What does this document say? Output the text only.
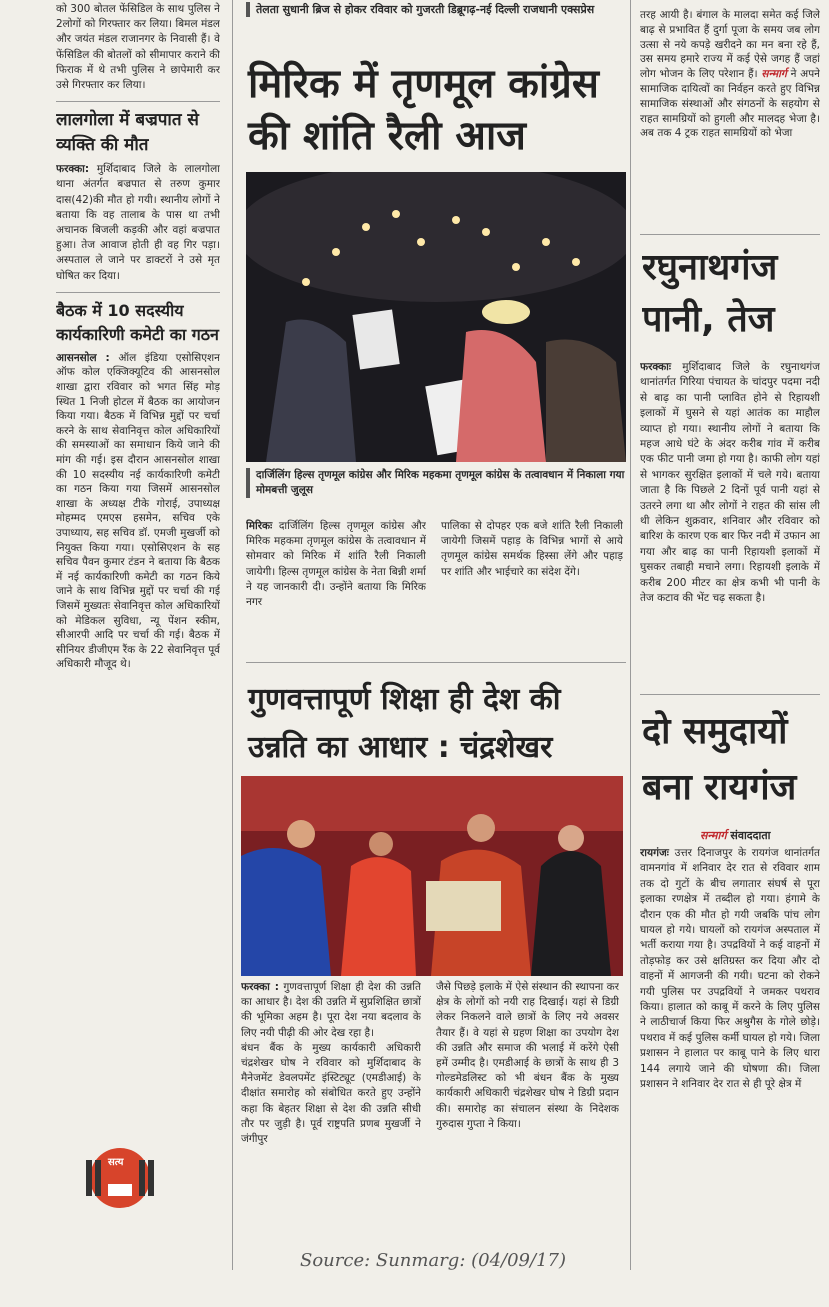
को 300 बोतल फेंसिडिल के साथ पुलिस ने 2लोगों को गिरफ्तार कर लिया। बिमल मंडल और जयंत मंडल राजानगर के निवासी हैं। वे फेंसिडिल की बोतलों को सीमापार कराने की फिराक में थे तभी पुलिस ने छापेमारी कर उसे गिरफ्तार कर लिया।

लालगोला में बज्रपात से व्यक्ति की मौत

फरक्का: मुर्शिदाबाद जिले के लालगोला थाना अंतर्गत बज्रपात से तरुण कुमार दास(42)की मौत हो गयी। स्थानीय लोगों ने बताया कि वह तालाब के पास था तभी अचानक बिजली कड़की और वहां बज्रपात हुआ। तेज आवाज होती ही वह गिर पड़ा। अस्पताल ले जाने पर डाक्टरों ने उसे मृत घोषित कर दिया।

बैठक में 10 सदस्यीय कार्यकारिणी कमेटी का गठन

आसनसोल : ऑल इंडिया एसोसिएशन ऑफ कोल एक्जिक्यूटिव की आसनसोल शाखा द्वारा रविवार को भगत सिंह मोड़ स्थित 1 निजी होटल में बैठक का आयोजन किया गया। बैठक में विभिन्न मुद्दों पर चर्चा करने के साथ सेवानिवृत्त कोल अधिकारियों की समस्याओं का समाधान किये जाने की मांग की गई। इस दौरान आसनसोल शाखा की 10 सदस्यीय नई कार्यकारिणी कमेटी का गठन किया गया जिसमें आसनसोल शाखा के अध्यक्ष टीके गोराई, उपाध्यक्ष मोहम्मद एमएस हसमेन, सचिव एके उपाध्याय, सह सचिव डॉ. एमजी मुखर्जी को नियुक्त किया गया। एसोसिएशन के सह सचिव पैवन कुमार टंडन ने बताया कि बैठक में नई कार्यकारिणी कमेटी का गठन किये जाने के साथ विभिन्न मुद्दों पर चर्चा की गई जिसमें मुख्यतः सेवानिवृत्त कोल अधिकारियों को मेडिकल सुविधा, न्यू पेंशन स्कीम, सीआरपी आदि पर चर्चा की गई। बैठक में सीनियर डीजीएम रैंक के 22 सेवानिवृत्त पूर्व अधिकारी मौजूद थे।

सत्य

तेलता सुधानी ब्रिज से होकर रविवार को गुजरती डिब्रूगढ़-नई दिल्ली राजधानी एक्सप्रेस

मिरिक में तृणमूल कांग्रेस की शांति रैली आज

दार्जिलिंग हिल्स तृणमूल कांग्रेस और मिरिक महकमा तृणमूल कांग्रेस के तत्वावधान में निकाला गया मोमबत्ती जुलूस

मिरिकः दार्जिलिंग हिल्स तृणमूल कांग्रेस और मिरिक महकमा तृणमूल कांग्रेस के तत्वावधान में सोमवार को मिरिक में शांति रैली निकाली जायेगी। हिल्स तृणमूल कांग्रेस के नेता बिन्नी शर्मा ने यह जानकारी दी। उन्होंने बताया कि मिरिक नगर

पालिका से दोपहर एक बजे शांति रैली निकाली जायेगी जिसमें पहाड़ के विभिन्न भागों से आये तृणमूल कांग्रेस समर्थक हिस्सा लेंगे और पहाड़ पर शांति और भाईचारे का संदेश देंगे।

गुणवत्तापूर्ण शिक्षा ही देश की उन्नति का आधार : चंद्रशेखर

फरक्का : गुणवत्तापूर्ण शिक्षा ही देश की उन्नति का आधार है। देश की उन्नति में सुप्रशिक्षित छात्रों की भूमिका अहम है। पूरा देश नया बदलाव के लिए नयी पीढ़ी की ओर देख रहा है।
बंधन बैंक के मुख्य कार्यकारी अधिकारी चंद्रशेखर घोष ने रविवार को मुर्शिदाबाद के मैनेजमेंट डेवलपमेंट इंस्टिट्यूट (एमडीआई) के दीक्षांत समारोह को संबोधित करते हुए उन्होंने कहा कि बेहतर शिक्षा से देश की उन्नति सीधी तौर पर जुड़ी है। पूर्व राष्ट्रपति प्रणब मुखर्जी ने जंगीपुर

जैसे पिछड़े इलाके में ऐसे संस्थान की स्थापना कर क्षेत्र के लोगों को नयी राह दिखाई। यहां से डिग्री लेकर निकलने वाले छात्रों के लिए नये अवसर तैयार हैं। वे यहां से ग्रहण शिक्षा का उपयोग देश की उन्नति और समाज की भलाई में करेंगे ऐसी हमें उम्मीद है। एमडीआई के छात्रों के साथ ही 3 गोल्डमेडलिस्ट को भी बंधन बैंक के मुख्य कार्यकारी अधिकारी चंद्रशेखर घोष ने डिग्री प्रदान की। समारोह का संचालन संस्था के निदेशक गुरुदास गुप्ता ने किया।

तरह आयी है। बंगाल के मालदा समेत कई जिले बाढ़ से प्रभावित हैं दुर्गा पूजा के समय जब लोग उत्सा से नये कपड़े खरीदने का मन बना रहे हैं, उस समय हमारे राज्य में कई ऐसे जगह हैं जहां लोग भोजन के लिए परेशान हैं। सन्मार्ग ने अपने सामाजिक दायित्वों का निर्वहन करते हुए विभिन्न सामाजिक संस्थाओं और संगठनों के सहयोग से राहत सामग्रियों को हुगली और मालदह भेजा है। अब तक 4 ट्रक राहत सामग्रियों को भेजा

रघुनाथगंज पानी, तेज

फरक्काः मुर्शिदाबाद जिले के रघुनाथगंज थानांतर्गत गिरिया पंचायत के चांदपुर पदमा नदी से बाढ़ का पानी प्लावित होने से रिहायशी इलाकों में घुसने से यहां आतंक का माहौल व्याप्त हो गया। स्थानीय लोगों ने बताया कि महज आधे घंटे के अंदर करीब गांव में करीब एक फीट पानी जमा हो गया है। काफी लोग यहां से भागकर सुरक्षित इलाकों में चले गये। बताया जाता है कि पिछले 2 दिनों पूर्व पानी यहां से उतरने लगा था और लोगों ने राहत की सांस ली थी लेकिन शुक्रवार, शनिवार और रविवार को बारिश के कारण एक बार फिर नदी में उफान आ गया और बाढ़ का पानी रिहायशी इलाकों में घुसकर तबाही मचाने लगा। रिहायशी इलाके में करीब 200 मीटर का क्षेत्र कभी भी पानी के तेज कटाव की भेंट चढ़ सकता है।

दो समुदायों बना रायगंज
सन्मार्ग संवाददाता

रायगंजः उत्तर दिनाजपुर के रायगंज थानांतर्गत वामनगांव में शनिवार देर रात से रविवार शाम तक दो गुटों के बीच लगातार संघर्ष से पूरा इलाका रणक्षेत्र में तब्दील हो गया। हंगामे के दौरान एक की मौत हो गयी जबकि पांच लोग घायल हो गये। घायलों को रायगंज अस्पताल में भर्ती कराया गया है। उपद्रवियों ने कई वाहनों में तोड़फोड़ कर उसे क्षतिग्रस्त कर दिया और दो वाहनों में आगजनी की गयी। घटना को रोकने गयी पुलिस पर उपद्रवियों ने जमकर पथराव किया। हालात को काबू में करने के लिए पुलिस ने लाठीचार्ज किया फिर अश्रुगैस के गोले छोड़े। पथराव में कई पुलिस कर्मी घायल हो गये। जिला प्रशासन ने हालात पर काबू पाने के लिए धारा 144 लगाये जाने की घोषणा की। जिला प्रशासन ने शनिवार देर रात से ही पूरे क्षेत्र में

Source: Sunmarg: (04/09/17)
